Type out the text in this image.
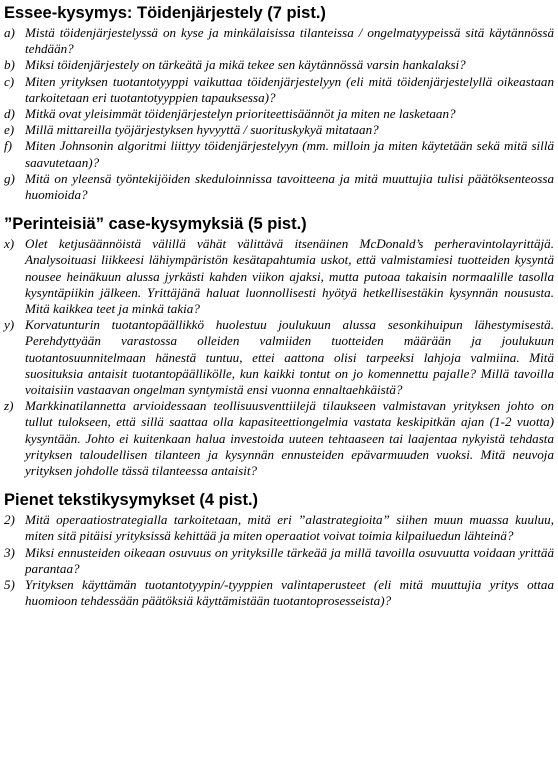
Essee-kysymys: Töidenjärjestely (7 pist.)
a) Mistä töidenjärjestelyssä on kyse ja minkälaisissa tilanteissa / ongelmatyypeissä sitä käytännössä tehdään?
b) Miksi töidenjärjestely on tärkeätä ja mikä tekee sen käytännössä varsin hankalaksi?
c) Miten yrityksen tuotantotyyppi vaikuttaa töidenjärjestelyyn (eli mitä töidenjärjestelyllä oikeastaan tarkoitetaan eri tuotantotyyppien tapauksessa)?
d) Mitkä ovat yleisimmät töidenjärjestelyn prioriteettisäännöt ja miten ne lasketaan?
e) Millä mittareilla työjärjestyksen hyvyyttä / suorituskykyä mitataan?
f) Miten Johnsonin algoritmi liittyy töidenjärjestelyyn (mm. milloin ja miten käytetään sekä mitä sillä saavutetaan)?
g) Mitä on yleensä työntekijöiden skeduloinnissa tavoitteena ja mitä muuttujia tulisi päätöksenteossa huomioida?
”Perinteisiä” case-kysymyksiä (5 pist.)
x) Olet ketjusäännöistä välillä vähät välittävä itsenäinen McDonald’s perheravintolayrittäjä. Analysoituasi liikkeesi lähiympäristön kesätapahtumia uskot, että valmistamiesi tuotteiden kysyntä nousee heinäkuun alussa jyrkästi kahden viikon ajaksi, mutta putoaa takaisin normaalille tasolla kysyntäpiikin jälkeen. Yrittäjänä haluat luonnollisesti hyötyä hetkellisestäkin kysynnän noususta. Mitä kaikkea teet ja minkä takia?
y) Korvatunturin tuotantopäällikkö huolestuu joulukuun alussa sesonkihuipun lähestymisestä. Perehdyttyään varastossa olleiden valmiiden tuotteiden määrään ja joulukuun tuotantosuunnitelmaan hänestä tuntuu, ettei aattona olisi tarpeeksi lahjoja valmiina. Mitä suosituksia antaisit tuotantopäällikölle, kun kaikki tontut on jo komennettu pajalle? Millä tavoilla voitaisiin vastaavan ongelman syntymistä ensi vuonna ennaltaehkäistä?
z) Markkinatilannetta arvioidessaan teollisuusventtiilejä tilaukseen valmistavan yrityksen johto on tullut tulokseen, että sillä saattaa olla kapasiteettiongelmia vastata keskipitkän ajan (1-2 vuotta) kysyntään. Johto ei kuitenkaan halua investoida uuteen tehtaaseen tai laajentaa nykyistä tehdasta yrityksen taloudellisen tilanteen ja kysynnän ennusteiden epävarmuuden vuoksi. Mitä neuvoja yrityksen johdolle tässä tilanteessa antaisit?
Pienet tekstikysymykset (4 pist.)
2) Mitä operaatiostrategialla tarkoitetaan, mitä eri ”alastrategioita” siihen muun muassa kuuluu, miten sitä pitäisi yrityksissä kehittää ja miten operaatiot voivat toimia kilpailuedun lähteinä?
3) Miksi ennusteiden oikeaan osuvuus on yrityksille tärkeää ja millä tavoilla osuvuutta voidaan yrittää parantaa?
5) Yrityksen käyttämän tuotantotyypin/-tyyppien valintaperusteet (eli mitä muuttujia yritys ottaa huomioon tehdessään päätöksiä käyttämistään tuotantoprosesseista)?
